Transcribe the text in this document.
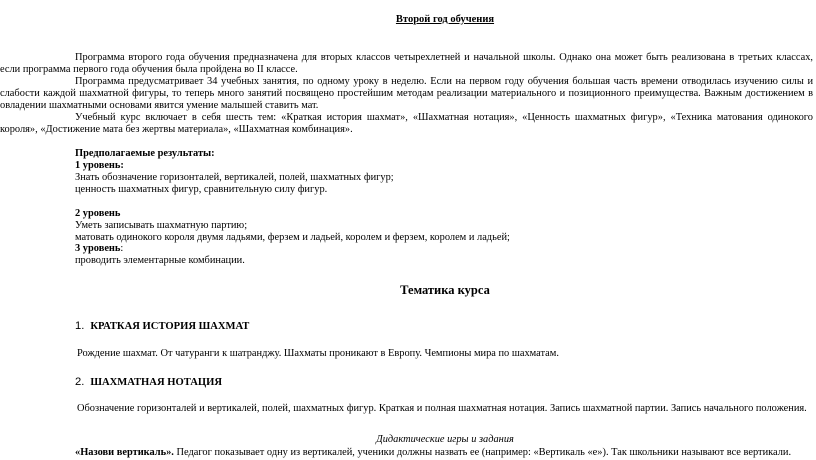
Второй год обучения

Программа второго года обучения предназначена для вторых классов четырехлетней и начальной школы. Однако она может быть реализована в третьих классах, если программа первого года обучения была пройдена во II классе.

Программа предусматривает 34 учебных занятия, по одному уроку в неделю. Если на первом году обучения большая часть времени отводилась изучению силы и слабости каждой шахматной фигуры, то теперь много занятий посвящено простейшим методам реализации материального и позиционного преимущества. Важным достижением в овладении шахматными основами явится умение малышей ставить мат.

Учебный курс включает в себя шесть тем: «Краткая история шахмат», «Шахматная нотация», «Ценность шахматных фигур», «Техника матования одинокого короля», «Достижение мата без жертвы материала», «Шахматная комбинация».

Предполагаемые результаты:
1 уровень:
Знать обозначение горизонталей, вертикалей, полей, шахматных фигур;
ценность шахматных фигур, сравнительную силу фигур.
2 уровень
Уметь записывать шахматную партию;
матовать одинокого короля двумя ладьями, ферзем и ладьей, королем и ферзем, королем и ладьей;
3 уровень:
проводить элементарные комбинации.
Тематика курса
1. КРАТКАЯ ИСТОРИЯ ШАХМАТ
Рождение шахмат. От чатуранги к шатранджу. Шахматы проникают в Европу. Чемпионы мира по шахматам.
2. ШАХМАТНАЯ НОТАЦИЯ
Обозначение горизонталей и вертикалей, полей, шахматных фигур. Краткая и полная шахматная нотация. Запись шахматной партии. Запись начального положения.
Дидактические игры и задания
«Назови вертикаль». Педагог показывает одну из вертикалей, ученики должны назвать ее (например: «Вертикаль «е»). Так школьники называют все вертикали.
